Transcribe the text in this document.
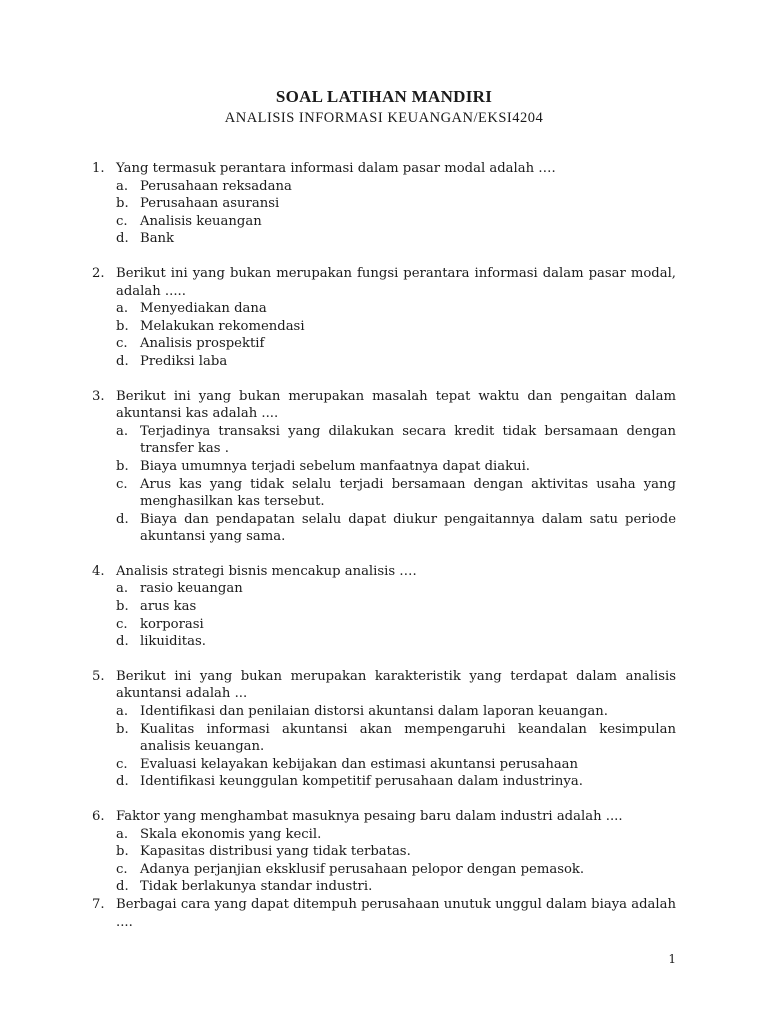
SOAL LATIHAN MANDIRI
ANALISIS INFORMASI KEUANGAN/EKSI4204
1. Yang termasuk perantara informasi dalam pasar modal adalah ….
a. Perusahaan reksadana
b. Perusahaan asuransi
c. Analisis keuangan
d. Bank
2. Berikut ini yang bukan merupakan fungsi perantara informasi dalam pasar modal, adalah .....
a. Menyediakan dana
b. Melakukan rekomendasi
c. Analisis prospektif
d. Prediksi laba
3. Berikut ini yang bukan merupakan masalah tepat waktu dan pengaitan dalam akuntansi kas adalah ....
a. Terjadinya transaksi yang dilakukan secara kredit tidak bersamaan dengan transfer kas .
b. Biaya umumnya terjadi sebelum manfaatnya dapat diakui.
c. Arus kas yang tidak selalu terjadi bersamaan dengan aktivitas usaha yang menghasilkan kas tersebut.
d. Biaya dan pendapatan selalu dapat diukur pengaitannya dalam satu periode akuntansi yang sama.
4. Analisis strategi bisnis mencakup analisis ….
a. rasio keuangan
b. arus kas
c. korporasi
d. likuiditas.
5. Berikut ini yang bukan merupakan karakteristik yang terdapat dalam analisis akuntansi adalah ...
a. Identifikasi dan penilaian distorsi akuntansi dalam laporan keuangan.
b. Kualitas informasi akuntansi akan mempengaruhi keandalan kesimpulan analisis keuangan.
c. Evaluasi kelayakan kebijakan dan estimasi akuntansi perusahaan
d. Identifikasi keunggulan kompetitif perusahaan dalam industrinya.
6. Faktor yang menghambat masuknya pesaing baru dalam industri adalah ....
a. Skala ekonomis yang kecil.
b. Kapasitas distribusi yang tidak terbatas.
c. Adanya perjanjian eksklusif perusahaan pelopor dengan pemasok.
d. Tidak berlakunya standar industri.
7. Berbagai cara yang dapat ditempuh perusahaan unutuk unggul dalam biaya adalah ....
1
